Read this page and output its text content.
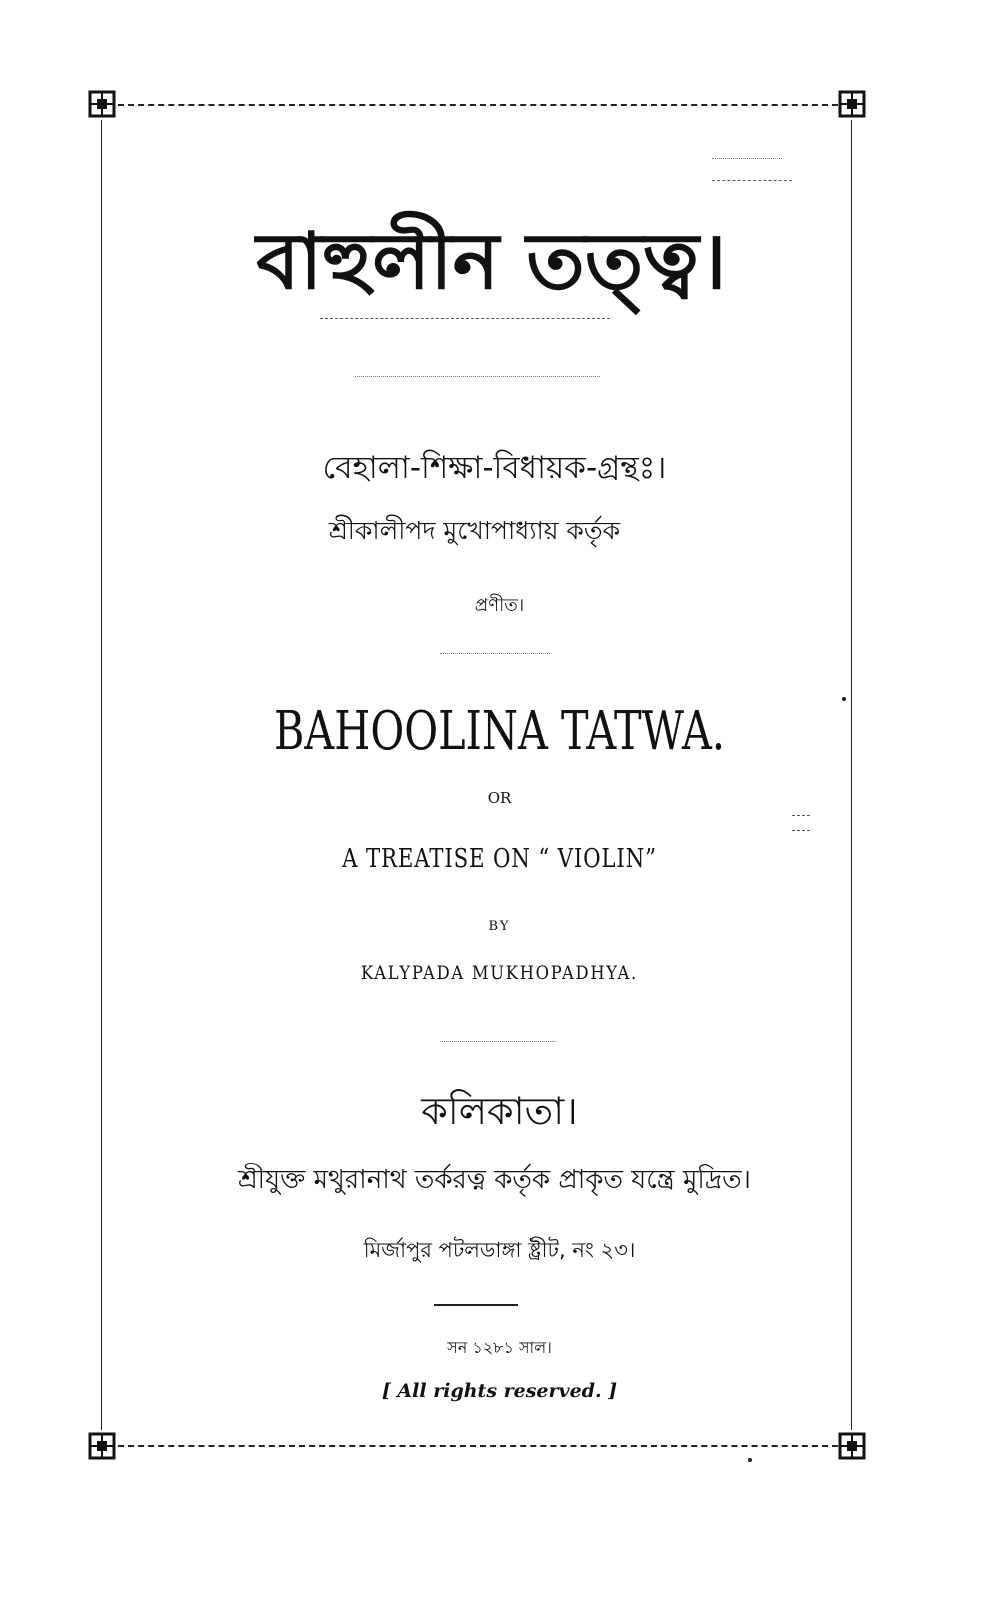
বাহুলীন তত্ত্ব।
বেহালা-শিক্ষা-বিধায়ক-গ্রন্থঃ।
শ্রীকালীপদ মুখোপাধ্যায় কর্তৃক
প্রণীত।
BAHOOLINA TATWA.
OR
A TREATISE ON “ VIOLIN”
BY
KALYPADA MUKHOPADHYA.
কলিকাতা।
শ্রীযুক্ত মথুরানাথ তর্করত্ন কর্তৃক প্রাকৃত যন্ত্রে মুদ্রিত।
মির্জাপুর পটলডাঙ্গা ষ্ট্রীট, নং ২৩।
সন ১২৮১ সাল।
[ All rights reserved. ]
